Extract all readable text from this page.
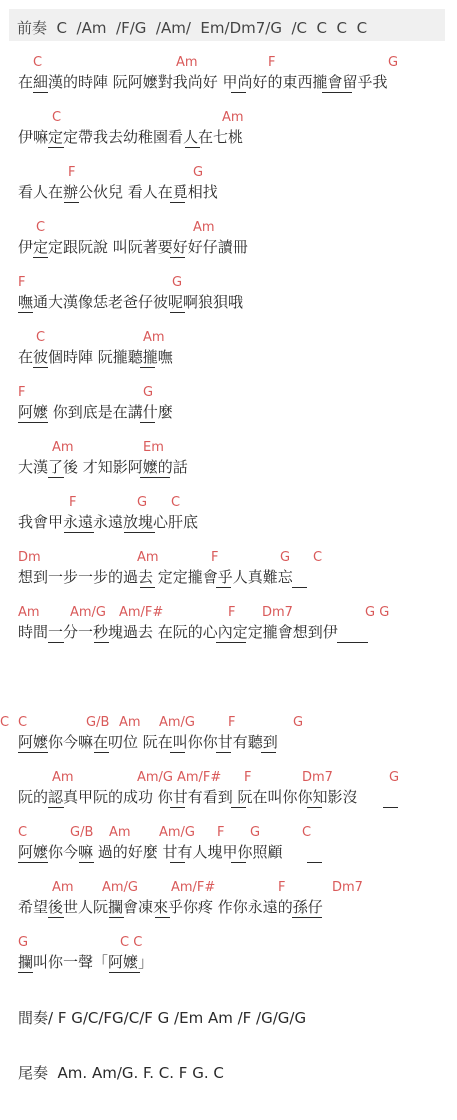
前奏  C  /Am  /F/G  /Am/  Em/Dm7/G  /C  C  C  C
在細漢的時陣 阮阿嬤對我尚好 甲尚好的東西攏會留乎我
C	Am	F	G
伊嘛定定帶我去幼稚園看人在七桃
C	Am
看人在辦公伙兒 看人在覓相找
F	G
伊定定跟阮說 叫阮著要好好仔讀冊
C	Am
嘸通大漢像恁老爸仔彼呢啊狼狽哦
F	G
在彼個時陣 阮攏聽攏嘸
C	Am
阿嬤 你到底是在講什麼
F	G
大漢了後 才知影阿嬤的話
Am	Em
我會甲永遠永遠放塊心肝底
F	G C
想到一步一步的過去 定定攏會乎人真難忘
Dm	Am	F	G C
時間一分一秒塊過去 在阮的心內定定攏會想到伊
Am Am/G Am/F#	F Dm7	G G
阿嬤你今嘛在叨位 阮在叫你你甘有聽到
C	G/B Am Am/G	F	G
C
阮的認真甲阮的成功 你甘有看到 阮在叫你你知影沒
Am	Am/G Am/F# F	Dm7	G
阿嬤你今嘛 過的好麼 甘有人塊甲你照顧
C	G/B Am Am/G F G	C
希望後世人阮攔會凍來乎你疼 作你永遠的孫仔
Am Am/G	Am/F#	F	Dm7
攔叫你一聲「阿嬤」
G	C C
間奏/ F G/C/FG/C/F G /Em Am /F /G/G/G
尾奏  Am. Am/G. F. C. F G. C
